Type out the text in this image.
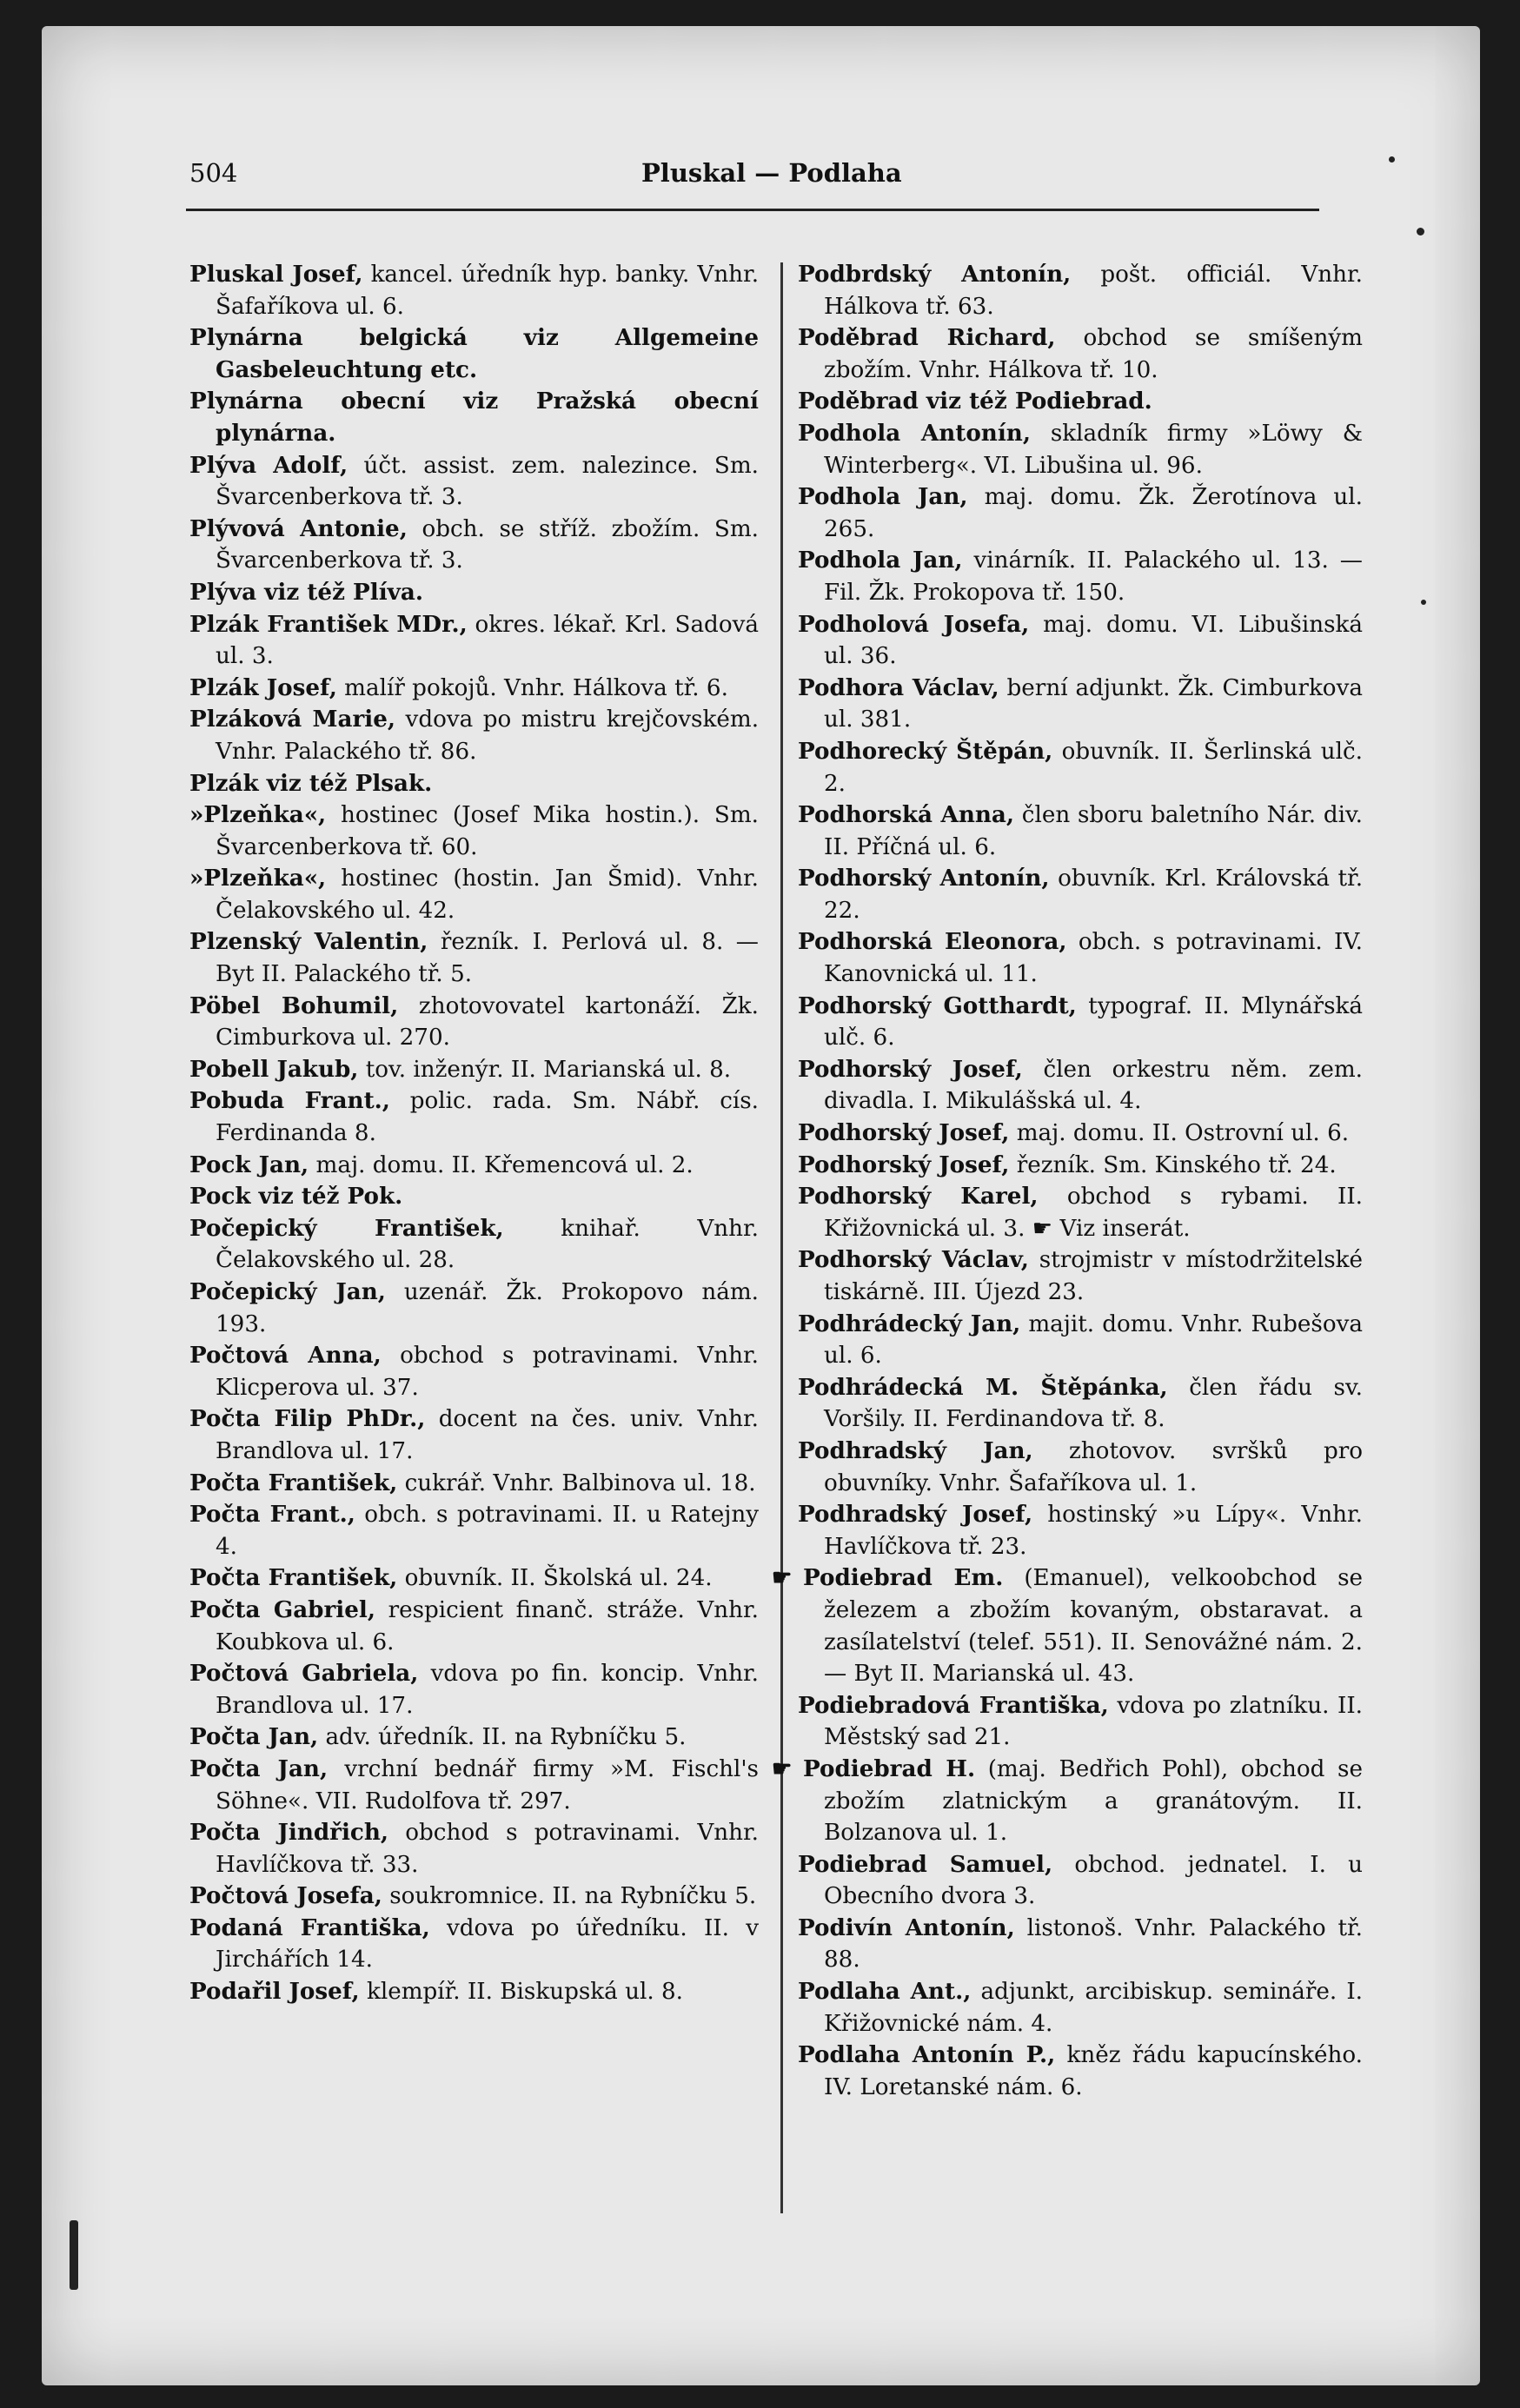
504	Pluskal — Podlaha

Pluskal Josef, kancel. úředník hyp. banky. Vnhr. Šafaříkova ul. 6.

Plynárna belgická viz Allgemeine Gasbeleuchtung etc.

Plynárna obecní viz Pražská obecní plynárna.

Plýva Adolf, účt. assist. zem. nalezince. Sm. Švarcenberkova tř. 3.

Plývová Antonie, obch. se stříž. zbožím. Sm. Švarcenberkova tř. 3.

Plýva viz též Plíva.

Plzák František MDr., okres. lékař. Krl. Sadová ul. 3.

Plzák Josef, malíř pokojů. Vnhr. Hálkova tř. 6.

Plzáková Marie, vdova po mistru krejčovském. Vnhr. Palackého tř. 86.

Plzák viz též Plsak.

»Plzeňka«, hostinec (Josef Mika hostin.). Sm. Švarcenberkova tř. 60.

»Plzeňka«, hostinec (hostin. Jan Šmid). Vnhr. Čelakovského ul. 42.

Plzenský Valentin, řezník. I. Perlová ul. 8. — Byt II. Palackého tř. 5.

Pöbel Bohumil, zhotovovatel kartonáží. Žk. Cimburkova ul. 270.

Pobell Jakub, tov. inženýr. II. Marianská ul. 8.

Pobuda Frant., polic. rada. Sm. Nábř. cís. Ferdinanda 8.

Pock Jan, maj. domu. II. Křemencová ul. 2.

Pock viz též Pok.

Počepický František,	knihař. Vnhr. Čelakovského ul. 28.

Počepický Jan, uzenář. Žk. Prokopovo nám. 193.

Počtová Anna, obchod s potravinami. Vnhr. Klicperova ul. 37.

Počta Filip PhDr., docent na čes. univ. Vnhr. Brandlova ul. 17.

Počta František, cukrář. Vnhr. Balbinova ul. 18.

Počta Frant., obch. s potravinami. II. u Ratejny 4.

Počta František, obuvník. II. Školská ul. 24.

Počta Gabriel, respicient finanč. stráže. Vnhr. Koubkova ul. 6.

Počtová Gabriela, vdova po fin. koncip. Vnhr. Brandlova ul. 17.

Počta Jan, adv. úředník. II. na Rybníčku 5.

Počta Jan, vrchní bednář firmy »M. Fischl's Söhne«. VII. Rudolfova tř. 297.

Počta Jindřich, obchod s potravinami. Vnhr. Havlíčkova tř. 33.

Počtová Josefa, soukromnice. II. na Rybníčku 5.

Podaná Františka, vdova po úředníku. II. v Jirchářích 14.

Podařil Josef, klempíř. II. Biskupská ul. 8.

Podbrdský Antonín, pošt. officiál. Vnhr. Hálkova tř. 63.

Poděbrad Richard, obchod se smíšeným zbožím. Vnhr. Hálkova tř. 10.

Poděbrad viz též Podiebrad.

Podhola Antonín, skladník firmy »Löwy & Winterberg«. VI. Libušina ul. 96.

Podhola Jan, maj. domu. Žk. Žerotínova ul. 265.

Podhola Jan, vinárník. II. Palackého ul. 13. — Fil. Žk. Prokopova tř. 150.

Podholová Josefa, maj. domu. VI. Libušinská ul. 36.

Podhora Václav, berní adjunkt. Žk. Cimburkova ul. 381.

Podhorecký Štěpán, obuvník. II. Šerlinská ulč. 2.

Podhorská Anna, člen sboru baletního Nár. div. II. Příčná ul. 6.

Podhorský Antonín, obuvník. Krl. Královská tř. 22.

Podhorská Eleonora, obch. s potravinami. IV. Kanovnická ul. 11.

Podhorský Gotthardt, typograf. II. Mlynářská ulč. 6.

Podhorský Josef, člen orkestru něm. zem. divadla. I. Mikulášská ul. 4.

Podhorský Josef, maj. domu. II. Ostrovní ul. 6.

Podhorský Josef, řezník. Sm. Kinského tř. 24.

Podhorský Karel, obchod s rybami. II. Křižovnická ul. 3. ☛ Viz inserát.

Podhorský Václav, strojmistr v místodržitelské tiskárně. III. Újezd 23.

Podhrádecký Jan, majit. domu. Vnhr. Rubešova ul. 6.

Podhrádecká M. Štěpánka, člen řádu sv. Voršily. II. Ferdinandova tř. 8.

Podhradský Jan, zhotovov. svršků pro obuvníky. Vnhr. Šafaříkova ul. 1.

Podhradský Josef, hostinský »u Lípy«. Vnhr. Havlíčkova tř. 23.

Podiebrad Em. (Emanuel), velkoobchod se železem a zbožím kovaným, obstaravat. a zasílatelství (telef. 551). II. Senovážné nám. 2. — Byt II. Marianská ul. 43.

Podiebradová Františka, vdova po zlatníku. II. Městský sad 21.

Podiebrad H. (maj. Bedřich Pohl), obchod se zbožím zlatnickým a granátovým. II. Bolzanova ul. 1.

Podiebrad Samuel, obchod. jednatel. I. u Obecního dvora 3.

Podivín Antonín, listonoš. Vnhr. Palackého tř. 88.

Podlaha Ant., adjunkt, arcibiskup. semináře. I. Křižovnické nám. 4.

Podlaha Antonín P., kněz řádu kapucínského. IV. Loretanské nám. 6.
